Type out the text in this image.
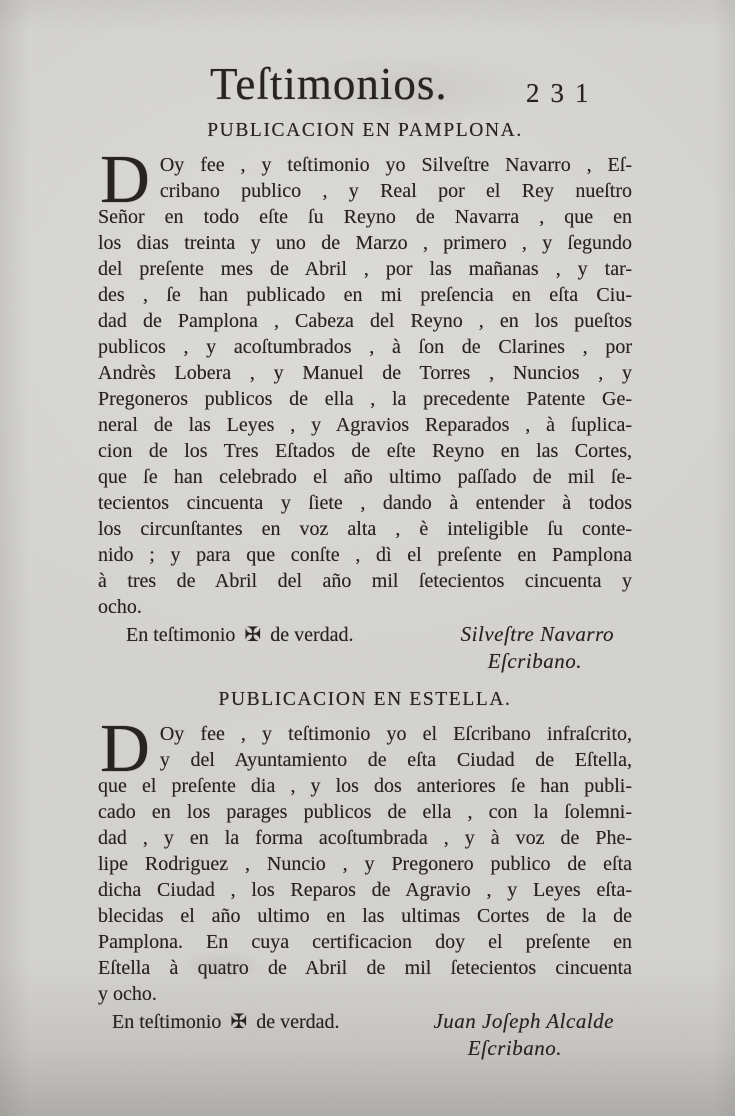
Teſtimonios.	231
PUBLICACION EN PAMPLONA.
D Oy fee , y teſtimonio yo Silveſtre Navarro , Eſ-
cribano publico , y Real por el Rey nueſtro
Señor en todo eſte ſu Reyno de Navarra , que en
los dias treinta y uno de Marzo , primero , y ſegundo
del preſente mes de Abril , por las mañanas , y tar-
des , ſe han publicado en mi preſencia en eſta Ciu-
dad de Pamplona , Cabeza del Reyno , en los pueſtos
publicos , y acoſtumbrados , à ſon de Clarines , por
Andrès Lobera , y Manuel de Torres , Nuncios , y
Pregoneros publicos de ella , la precedente Patente Ge-
neral de las Leyes , y Agravios Reparados , à ſuplica-
cion de los Tres Eſtados de eſte Reyno en las Cortes,
que ſe han celebrado el año ultimo paſſado de mil ſe-
tecientos cincuenta y ſiete , dando à entender à todos
los circunſtantes en voz alta , è inteligible ſu conte-
nido ; y para que conſte , dì el preſente en Pamplona
à tres de Abril del año mil ſetecientos cincuenta y
ocho.
En teſtimonio ✠ de verdad.	Silveſtre Navarro
Eſcribano.
PUBLICACION EN ESTELLA.
D Oy fee , y teſtimonio yo el Eſcribano infraſcrito,
y del Ayuntamiento de eſta Ciudad de Eſtella,
que el preſente dia , y los dos anteriores ſe han publi-
cado en los parages publicos de ella , con la ſolemni-
dad , y en la forma acoſtumbrada , y à voz de Phe-
lipe Rodriguez , Nuncio , y Pregonero publico de eſta
dicha Ciudad , los Reparos de Agravio , y Leyes eſta-
blecidas el año ultimo en las ultimas Cortes de la de
Pamplona. En cuya certificacion doy el preſente en
Eſtella à quatro de Abril de mil ſetecientos cincuenta
y ocho.
En teſtimonio ✠ de verdad.	Juan Joſeph Alcalde
Eſcribano.
